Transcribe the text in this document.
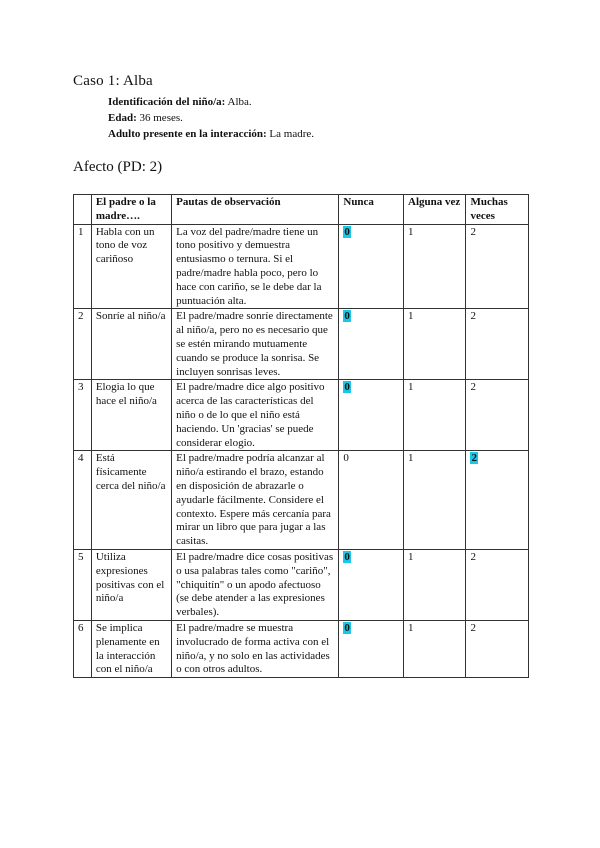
Caso 1: Alba
Identificación del niño/a: Alba.
Edad: 36 meses.
Adulto presente en la interacción: La madre.
Afecto (PD: 2)
	El padre o la madre….	Pautas de observación	Nunca	Alguna vez	Muchas veces
1	Habla con un tono de voz cariñoso	La voz del padre/madre tiene un tono positivo y demuestra entusiasmo o ternura. Si el padre/madre habla poco, pero lo hace con cariño, se le debe dar la puntuación alta.	0	1	2
2	Sonríe al niño/a	El padre/madre sonríe directamente al niño/a, pero no es necesario que se estén mirando mutuamente cuando se produce la sonrisa. Se incluyen sonrisas leves.	0	1	2
3	Elogia lo que hace el niño/a	El padre/madre dice algo positivo acerca de las características del niño o de lo que el niño está haciendo. Un 'gracias' se puede considerar elogio.	0	1	2
4	Está físicamente cerca del niño/a	El padre/madre podría alcanzar al niño/a estirando el brazo, estando en disposición de abrazarle o ayudarle fácilmente. Considere el contexto. Espere más cercanía para mirar un libro que para jugar a las casitas.	0	1	2
5	Utiliza expresiones positivas con el niño/a	El padre/madre dice cosas positivas o usa palabras tales como "cariño", "chiquitín" o un apodo afectuoso (se debe atender a las expresiones verbales).	0	1	2
6	Se implica plenamente en la interacción con el niño/a	El padre/madre se muestra involucrado de forma activa con el niño/a, y no solo en las actividades o con otros adultos.	0	1	2
